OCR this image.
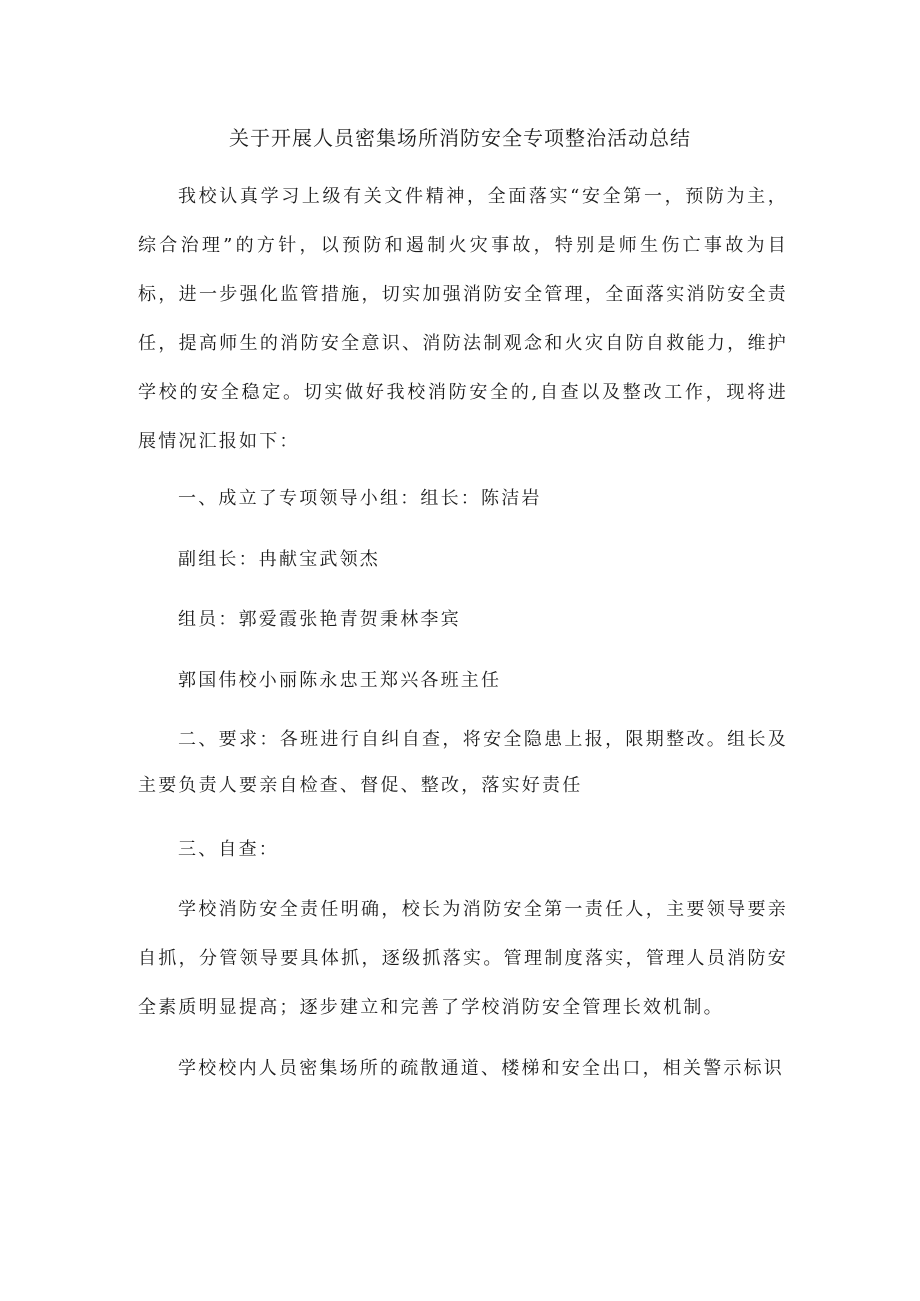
关于开展人员密集场所消防安全专项整治活动总结

我校认真学习上级有关文件精神，全面落实“安全第一，预防为主，综合治理”的方针，以预防和遏制火灾事故，特别是师生伤亡事故为目标，进一步强化监管措施，切实加强消防安全管理，全面落实消防安全责任，提高师生的消防安全意识、消防法制观念和火灾自防自救能力，维护学校的安全稳定。切实做好我校消防安全的,自查以及整改工作，现将进展情况汇报如下：

一、成立了专项领导小组：组长：陈洁岩

副组长：冉献宝武领杰

组员：郭爱霞张艳青贺秉林李宾

郭国伟校小丽陈永忠王郑兴各班主任

二、要求：各班进行自纠自查，将安全隐患上报，限期整改。组长及主要负责人要亲自检查、督促、整改，落实好责任

三、自查：

学校消防安全责任明确，校长为消防安全第一责任人，主要领导要亲自抓，分管领导要具体抓，逐级抓落实。管理制度落实，管理人员消防安全素质明显提高；逐步建立和完善了学校消防安全管理长效机制。

学校校内人员密集场所的疏散通道、楼梯和安全出口，相关警示标识
